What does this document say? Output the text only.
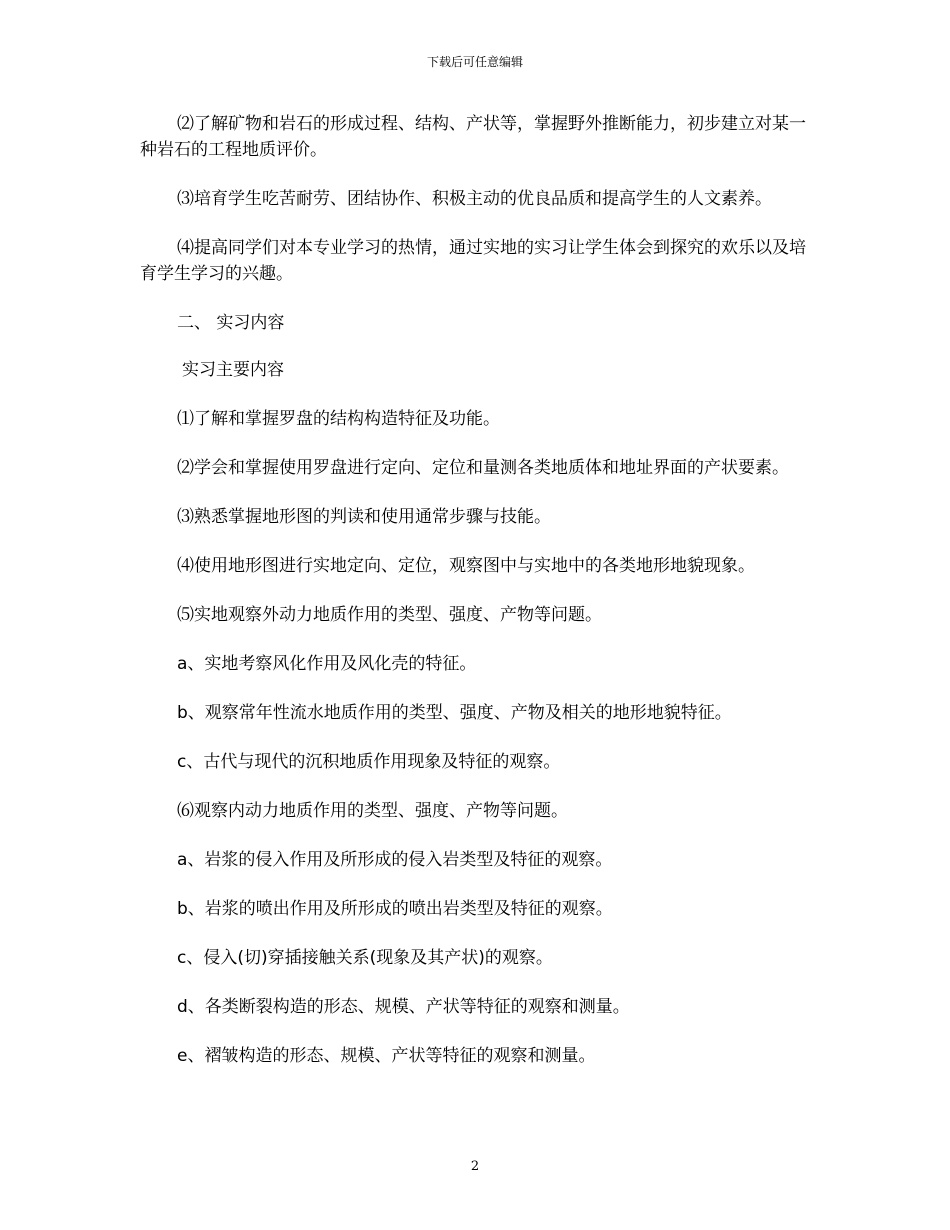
下载后可任意编辑

⑵了解矿物和岩石的形成过程、结构、产状等，掌握野外推断能力，初步建立对某一种岩石的工程地质评价。

⑶培育学生吃苦耐劳、团结协作、积极主动的优良品质和提高学生的人文素养。

⑷提高同学们对本专业学习的热情，通过实地的实习让学生体会到探究的欢乐以及培育学生学习的兴趣。

二、 实习内容

实习主要内容

⑴了解和掌握罗盘的结构构造特征及功能。

⑵学会和掌握使用罗盘进行定向、定位和量测各类地质体和地址界面的产状要素。

⑶熟悉掌握地形图的判读和使用通常步骤与技能。

⑷使用地形图进行实地定向、定位，观察图中与实地中的各类地形地貌现象。

⑸实地观察外动力地质作用的类型、强度、产物等问题。

a、实地考察风化作用及风化壳的特征。

b、观察常年性流水地质作用的类型、强度、产物及相关的地形地貌特征。

c、古代与现代的沉积地质作用现象及特征的观察。

⑹观察内动力地质作用的类型、强度、产物等问题。

a、岩浆的侵入作用及所形成的侵入岩类型及特征的观察。

b、岩浆的喷出作用及所形成的喷出岩类型及特征的观察。

c、侵入(切)穿插接触关系(现象及其产状)的观察。

d、各类断裂构造的形态、规模、产状等特征的观察和测量。

e、褶皱构造的形态、规模、产状等特征的观察和测量。

2
